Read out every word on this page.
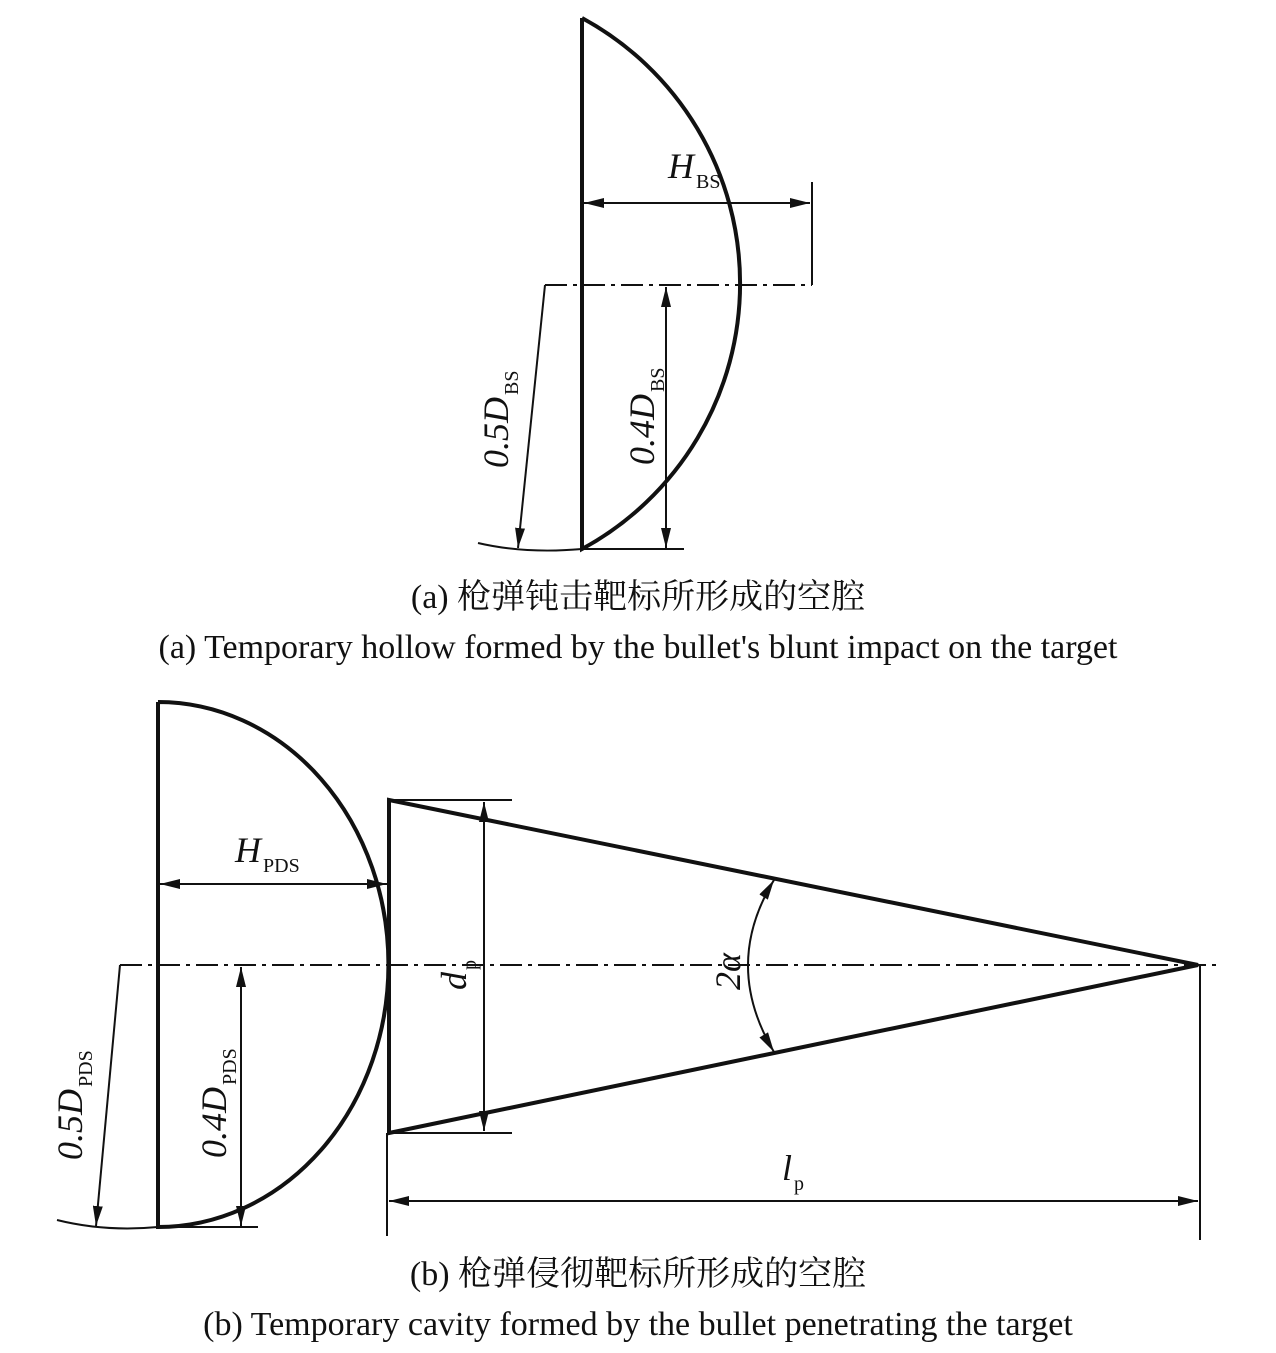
HBS
0.4DBS
0.5DBS
(a) 枪弹钝击靶标所形成的空腔
(a) Temporary hollow formed by the bullet's blunt impact on the target
dp
HPDS
0.4DPDS
0.5DPDS
2α
lp
(b) 枪弹侵彻靶标所形成的空腔
(b) Temporary cavity formed by the bullet penetrating the target
